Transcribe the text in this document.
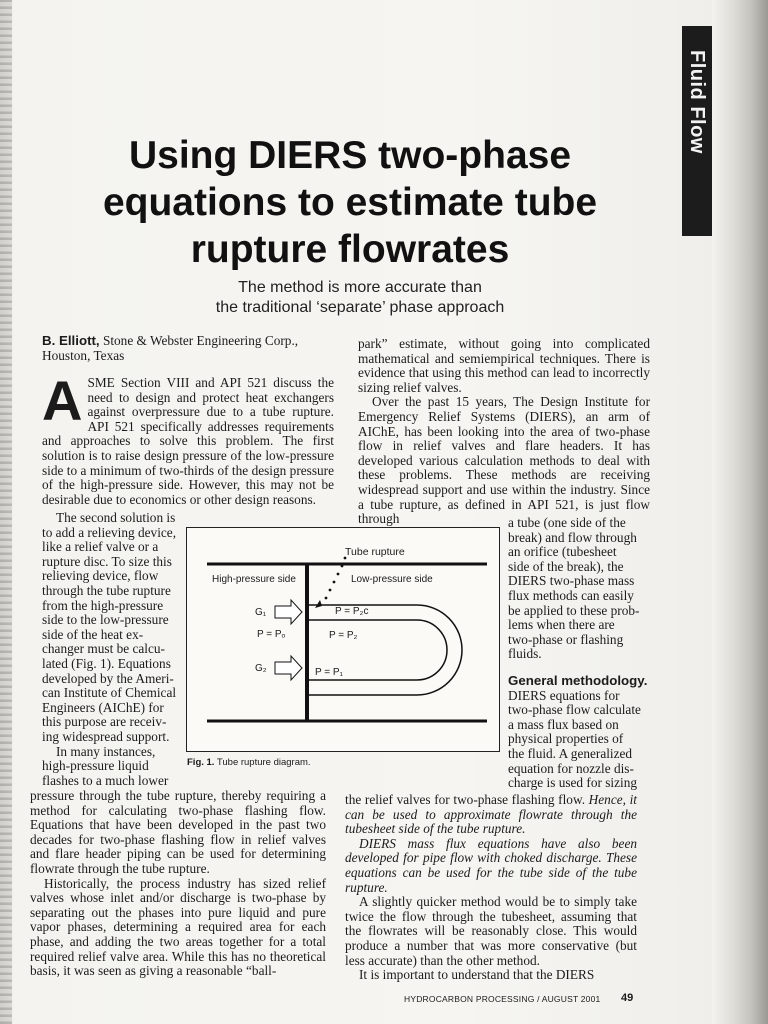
Fluid Flow
Using DIERS two-phase
equations to estimate tube
rupture flowrates
The method is more accurate than
the traditional ‘separate’ phase approach
B. Elliott, Stone & Webster Engineering Corp.,
Houston, Texas
A SME Section VIII and API 521 discuss the need to design and protect heat exchangers against overpressure due to a tube rupture. API 521 specifically addresses requirements and approaches to solve this problem. The first solution is to raise design pressure of the low-pressure side to a minimum of two-thirds of the design pressure of the high-pressure side. However, this may not be desirable due to economics or other design reasons.

The second solution is
to add a relieving device,
like a relief valve or a
rupture disc. To size this
relieving device, flow
through the tube rupture
from the high-pressure
side to the low-pressure
side of the heat ex-
changer must be calcu-
lated (Fig. 1). Equations
developed by the Ameri-
can Institute of Chemical
Engineers (AIChE) for
this purpose are receiv-
ing widespread support.
In many instances,
high-pressure liquid
flashes to a much lower

pressure through the tube rupture, thereby requiring a method for calculating two-phase flashing flow. Equations that have been developed in the past two decades for two-phase flashing flow in relief valves and flare header piping can be used for determining flowrate through the tube rupture.

Historically, the process industry has sized relief valves whose inlet and/or discharge is two-phase by separating out the phases into pure liquid and pure vapor phases, determining a required area for each phase, and adding the two areas together for a total required relief valve area. While this has no theoretical basis, it was seen as giving a reasonable “ball-

park” estimate, without going into complicated mathematical and semiempirical techniques. There is evidence that using this method can lead to incorrectly sizing relief valves.

Over the past 15 years, The Design Institute for Emergency Relief Systems (DIERS), an arm of AIChE, has been looking into the area of two-phase flow in relief valves and flare headers. It has developed various calculation methods to deal with these problems. These methods are receiving widespread support and use within the industry. Since a tube rupture, as defined in API 521, is just flow through	a tube (one side of the
break) and flow through
an orifice (tubesheet
side of the break), the
DIERS two-phase mass
flux methods can easily
be applied to these prob-
lems when there are
two-phase or flashing
fluids.
General methodology.
DIERS equations for
two-phase flow calculate
a mass flux based on
physical properties of
the fluid. A generalized
equation for nozzle dis-
charge is used for sizing

the relief valves for two-phase flashing flow. Hence, it can be used to approximate flowrate through the tubesheet side of the tube rupture.

DIERS mass flux equations have also been developed for pipe flow with choked discharge. These equations can be used for the tube side of the tube rupture.

A slightly quicker method would be to simply take twice the flow through the tubesheet, assuming that the flowrates will be reasonably close. This would produce a number that was more conservative (but less accurate) than the other method.

It is important to understand that the DIERS

Tube rupture
High-pressure side	Low-pressure side
G₁
G₂
P = Pₒ
P = P₂c
P = P₂
P = P₁
Fig. 1. Tube rupture diagram.
HYDROCARBON PROCESSING / AUGUST 2001 49
